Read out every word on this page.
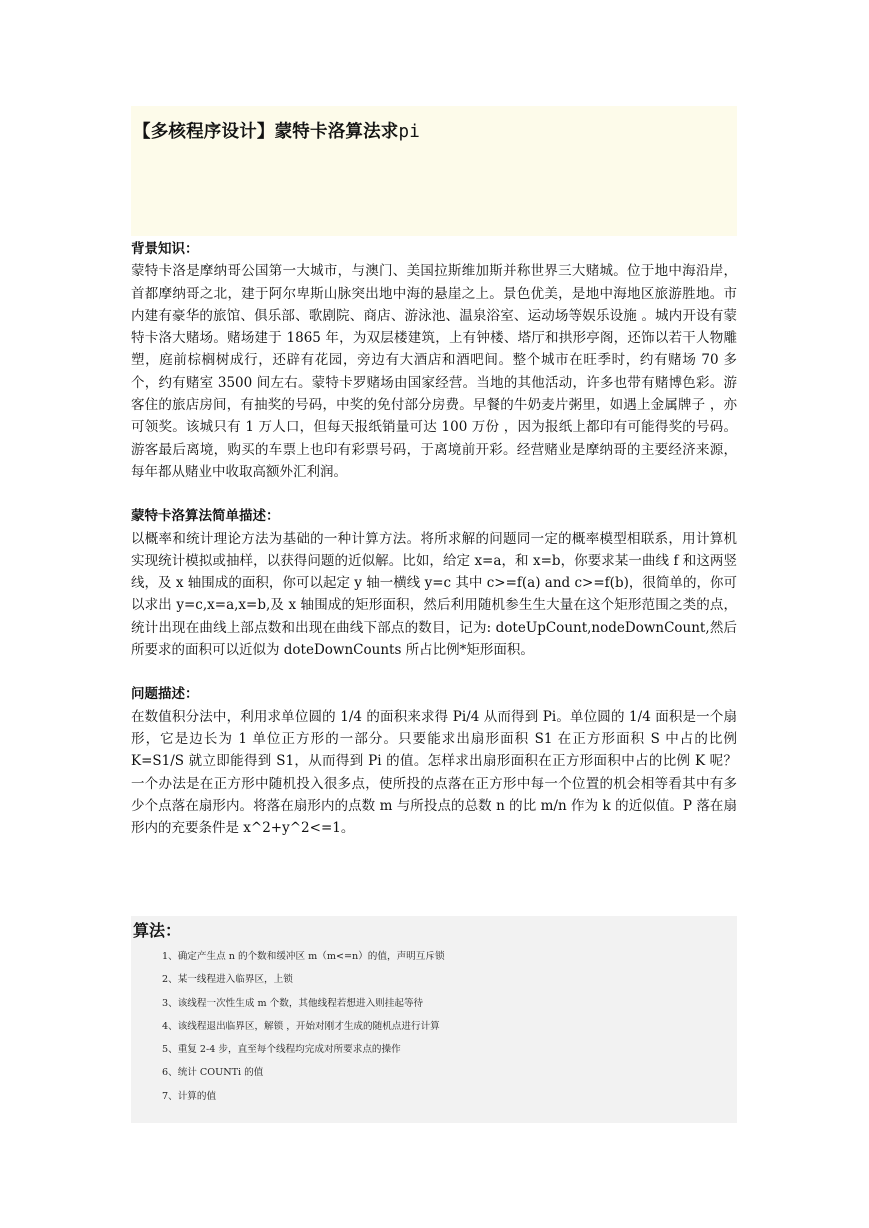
【多核程序设计】蒙特卡洛算法求pi

背景知识：

蒙特卡洛是摩纳哥公国第一大城市，与澳门、美国拉斯维加斯并称世界三大赌城。位于地中海沿岸，首都摩纳哥之北，建于阿尔卑斯山脉突出地中海的悬崖之上。景色优美，是地中海地区旅游胜地。市内建有豪华的旅馆、俱乐部、歌剧院、商店、游泳池、温泉浴室、运动场等娱乐设施 。城内开设有蒙特卡洛大赌场。赌场建于 1865 年，为双层楼建筑，上有钟楼、塔厅和拱形亭阁，还饰以若干人物雕塑，庭前棕榈树成行，还辟有花园，旁边有大酒店和酒吧间。整个城市在旺季时，约有赌场 70 多个，约有赌室 3500 间左右。蒙特卡罗赌场由国家经营。当地的其他活动，许多也带有赌博色彩。游客住的旅店房间，有抽奖的号码，中奖的免付部分房费。早餐的牛奶麦片粥里，如遇上金属牌子 ，亦可领奖。该城只有 1 万人口，但每天报纸销量可达 100 万份 ，因为报纸上都印有可能得奖的号码。游客最后离境，购买的车票上也印有彩票号码，于离境前开彩。经营赌业是摩纳哥的主要经济来源，每年都从赌业中收取高额外汇利润。

蒙特卡洛算法简单描述：

以概率和统计理论方法为基础的一种计算方法。将所求解的问题同一定的概率模型相联系，用计算机实现统计模拟或抽样，以获得问题的近似解。比如，给定 x=a，和 x=b，你要求某一曲线 f 和这两竖线，及 x 轴围成的面积，你可以起定 y 轴一横线 y=c 其中 c>=f(a) and c>=f(b)，很简单的，你可以求出 y=c,x=a,x=b,及 x 轴围成的矩形面积，然后利用随机参生生大量在这个矩形范围之类的点，统计出现在曲线上部点数和出现在曲线下部点的数目，记为: doteUpCount,nodeDownCount,然后所要求的面积可以近似为 doteDownCounts 所占比例*矩形面积。

问题描述：

在数值积分法中，利用求单位圆的 1/4 的面积来求得 Pi/4 从而得到 Pi。单位圆的 1/4 面积是一个扇形，它是边长为 1 单位正方形的一部分。只要能求出扇形面积 S1 在正方形面积 S 中占的比例 K=S1/S 就立即能得到 S1，从而得到 Pi 的值。怎样求出扇形面积在正方形面积中占的比例 K 呢？一个办法是在正方形中随机投入很多点，使所投的点落在正方形中每一个位置的机会相等看其中有多少个点落在扇形内。将落在扇形内的点数 m 与所投点的总数 n 的比 m/n 作为 k 的近似值。P 落在扇形内的充要条件是 x^2+y^2<=1。

算法：

1、确定产生点 n 的个数和缓冲区 m（m<=n）的值，声明互斥锁
2、某一线程进入临界区，上锁
3、该线程一次性生成 m 个数，其他线程若想进入则挂起等待
4、该线程退出临界区，解锁 ，开始对刚才生成的随机点进行计算
5、重复 2-4 步，直至每个线程均完成对所要求点的操作
6、统计 COUNTi 的值
7、计算的值
